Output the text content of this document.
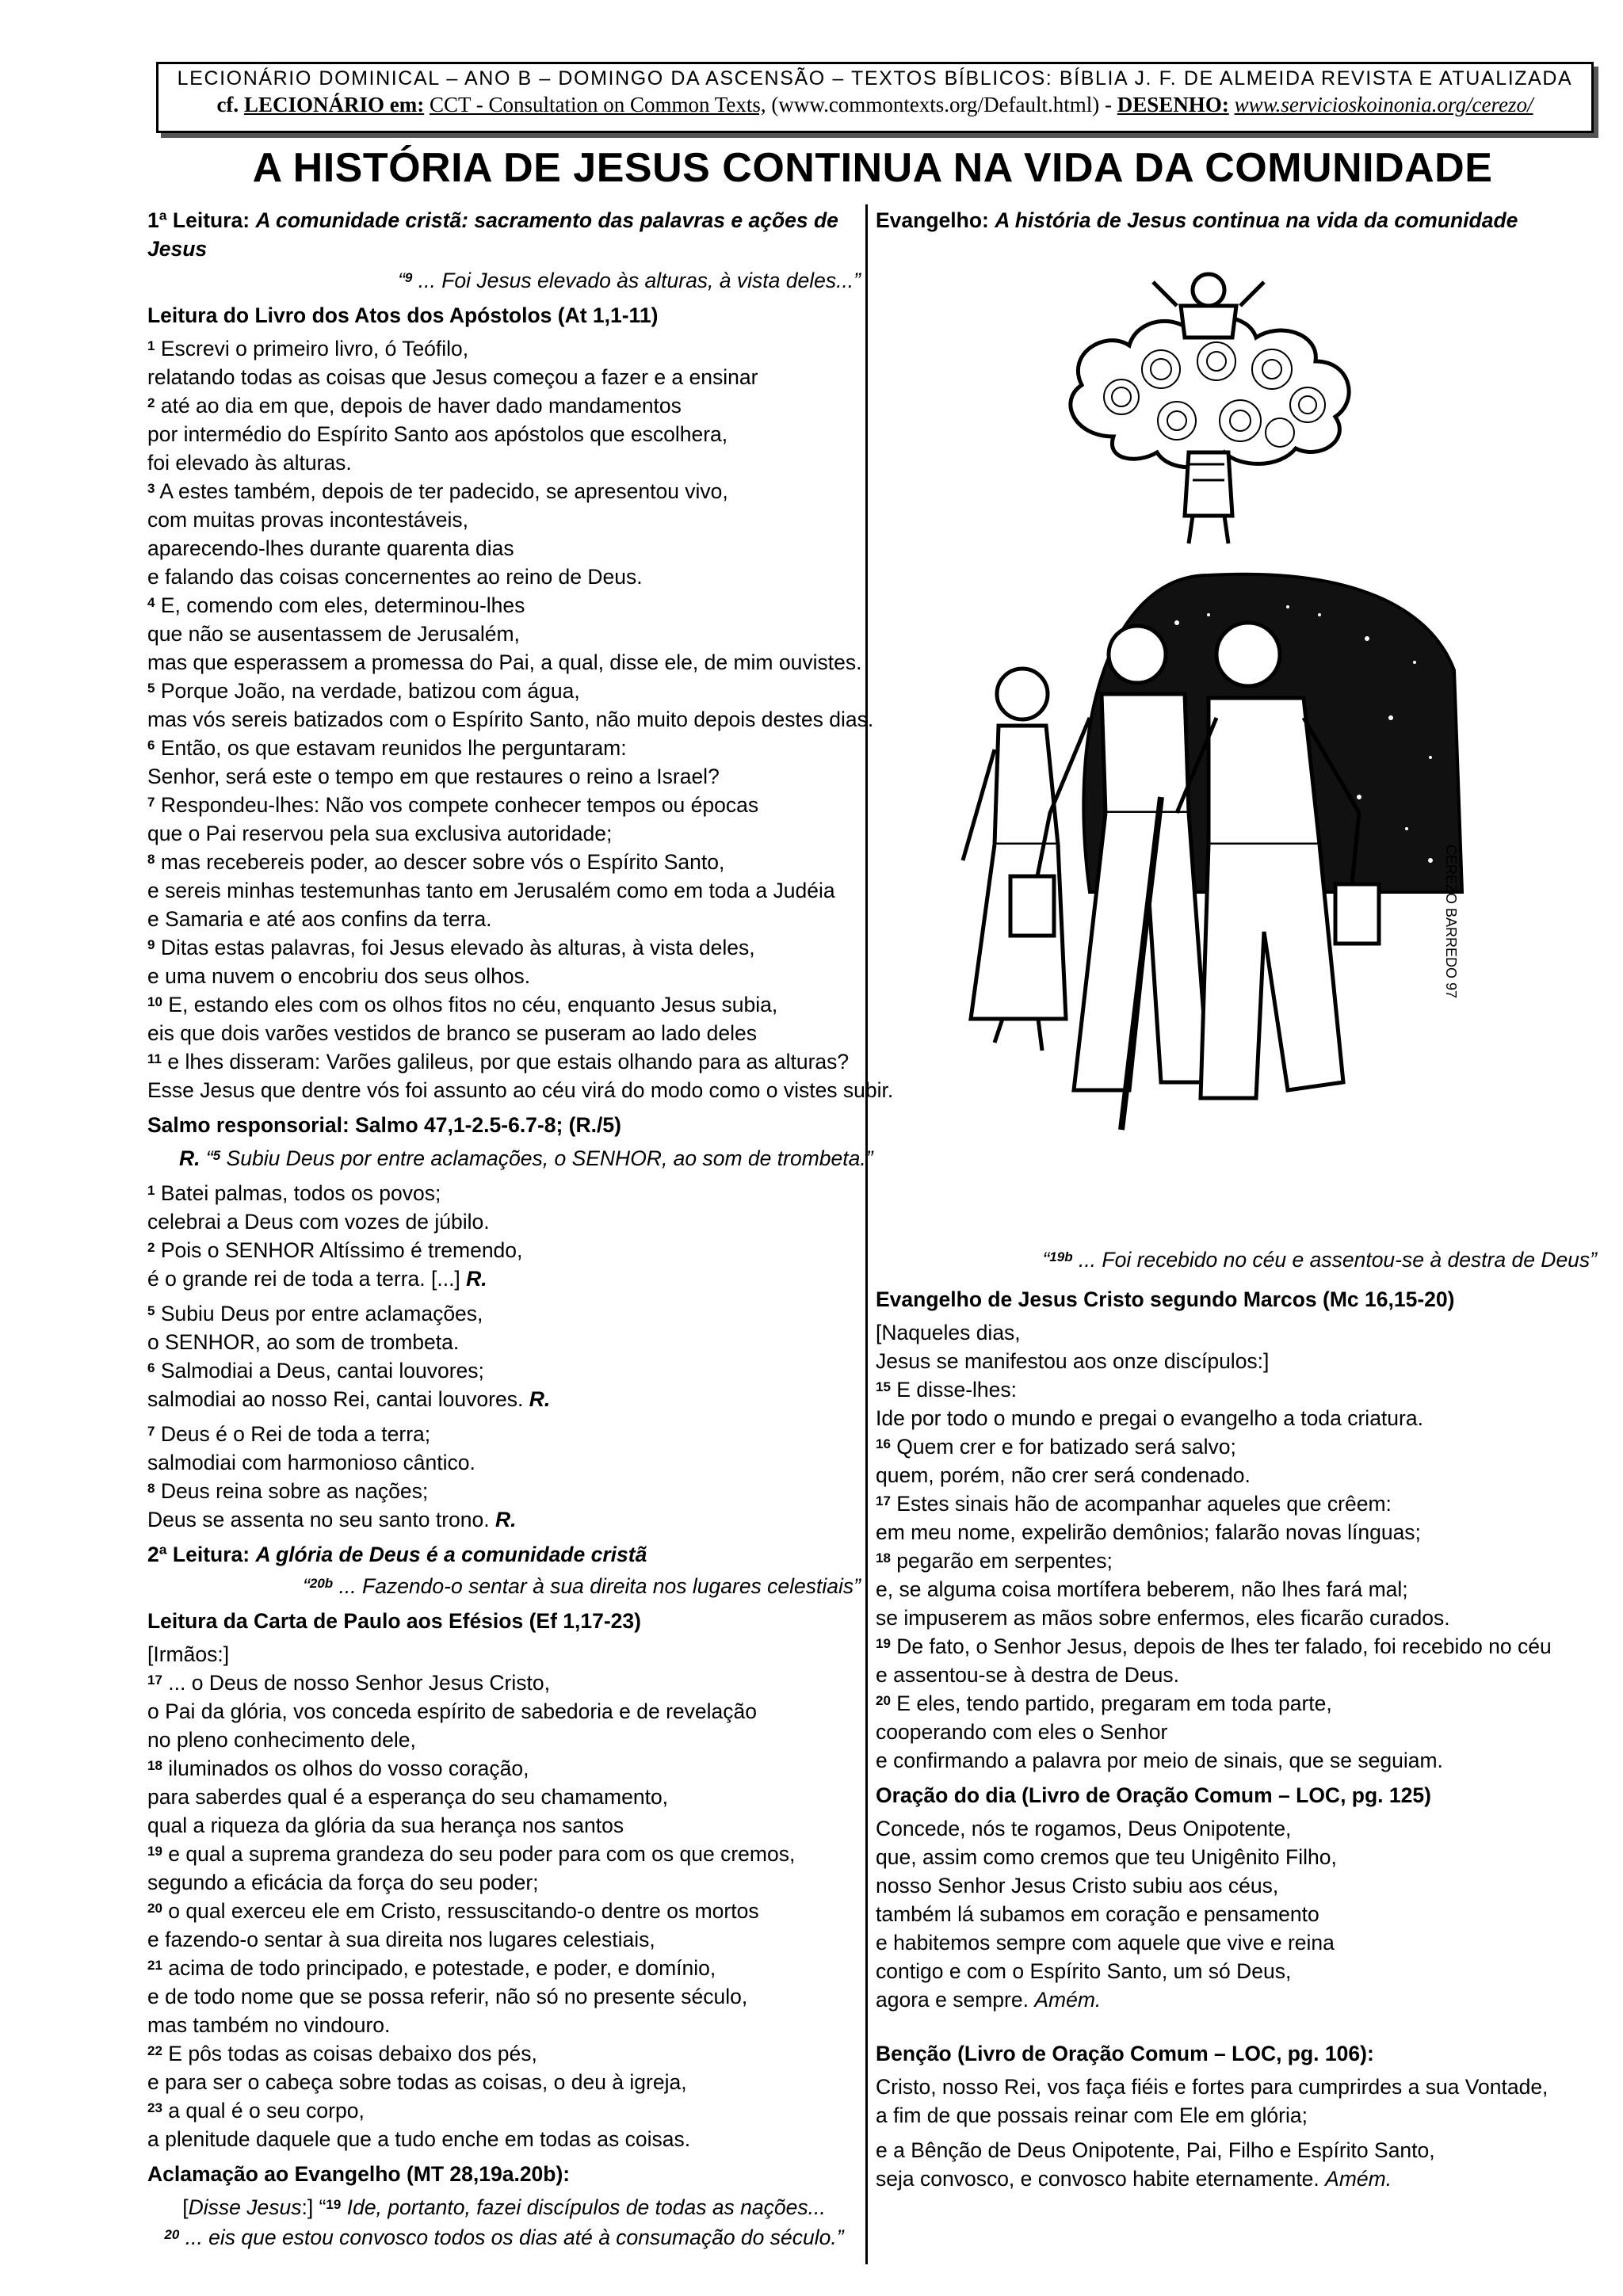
LECIONÁRIO DOMINICAL – ANO B – DOMINGO DA ASCENSÃO – TEXTOS BÍBLICOS: BÍBLIA J. F. DE ALMEIDA REVISTA E ATUALIZADA
cf. LECIONÁRIO em: CCT - Consultation on Common Texts, (www.commontexts.org/Default.html) - DESENHO: www.servicioskoinonia.org/cerezo/
A HISTÓRIA DE JESUS CONTINUA NA VIDA DA COMUNIDADE
1ª Leitura: A comunidade cristã: sacramento das palavras e ações de Jesus
“$^9$ ... Foi Jesus elevado às alturas, à vista deles...”
Leitura do Livro dos Atos dos Apóstolos (At 1,1-11)

$^1$ Escrevi o primeiro livro, ó Teófilo,

relatando todas as coisas que Jesus começou a fazer e a ensinar

$^2$ até ao dia em que, depois de haver dado mandamentos

por intermédio do Espírito Santo aos apóstolos que escolhera,

foi elevado às alturas.

$^3$ A estes também, depois de ter padecido, se apresentou vivo,

com muitas provas incontestáveis,

aparecendo-lhes durante quarenta dias

e falando das coisas concernentes ao reino de Deus.

$^4$ E, comendo com eles, determinou-lhes

que não se ausentassem de Jerusalém,

mas que esperassem a promessa do Pai, a qual, disse ele, de mim ouvistes.

$^5$ Porque João, na verdade, batizou com água,

mas vós sereis batizados com o Espírito Santo, não muito depois destes dias.

$^6$ Então, os que estavam reunidos lhe perguntaram:

Senhor, será este o tempo em que restaures o reino a Israel?

$^7$ Respondeu-lhes: Não vos compete conhecer tempos ou épocas

que o Pai reservou pela sua exclusiva autoridade;

$^8$ mas recebereis poder, ao descer sobre vós o Espírito Santo,

e sereis minhas testemunhas tanto em Jerusalém como em toda a Judéia

e Samaria e até aos confins da terra.

$^9$ Ditas estas palavras, foi Jesus elevado às alturas, à vista deles,

e uma nuvem o encobriu dos seus olhos.

$^{10}$ E, estando eles com os olhos fitos no céu, enquanto Jesus subia,

eis que dois varões vestidos de branco se puseram ao lado deles

$^{11}$ e lhes disseram: Varões galileus, por que estais olhando para as alturas?

Esse Jesus que dentre vós foi assunto ao céu virá do modo como o vistes subir.

Salmo responsorial: Salmo 47,1-2.5-6.7-8; (R./5)
R. “$^5$ Subiu Deus por entre aclamações, o SENHOR, ao som de trombeta.”

$^1$ Batei palmas, todos os povos;

celebrai a Deus com vozes de júbilo.

$^2$ Pois o SENHOR Altíssimo é tremendo,

é o grande rei de toda a terra. [...] R.

$^5$ Subiu Deus por entre aclamações,

o SENHOR, ao som de trombeta.

$^6$ Salmodiai a Deus, cantai louvores;

salmodiai ao nosso Rei, cantai louvores. R.

$^7$ Deus é o Rei de toda a terra;

salmodiai com harmonioso cântico.

$^8$ Deus reina sobre as nações;

Deus se assenta no seu santo trono. R.

2ª Leitura: A glória de Deus é a comunidade cristã
“$^{20b}$ ... Fazendo-o sentar à sua direita nos lugares celestiais”
Leitura da Carta de Paulo aos Efésios (Ef 1,17-23)

[Irmãos:]

$^{17}$ ... o Deus de nosso Senhor Jesus Cristo,

o Pai da glória, vos conceda espírito de sabedoria e de revelação

no pleno conhecimento dele,

$^{18}$ iluminados os olhos do vosso coração,

para saberdes qual é a esperança do seu chamamento,

qual a riqueza da glória da sua herança nos santos

$^{19}$ e qual a suprema grandeza do seu poder para com os que cremos,

segundo a eficácia da força do seu poder;

$^{20}$ o qual exerceu ele em Cristo, ressuscitando-o dentre os mortos

e fazendo-o sentar à sua direita nos lugares celestiais,

$^{21}$ acima de todo principado, e potestade, e poder, e domínio,

e de todo nome que se possa referir, não só no presente século,

mas também no vindouro.

$^{22}$ E pôs todas as coisas debaixo dos pés,

e para ser o cabeça sobre todas as coisas, o deu à igreja,

$^{23}$ a qual é o seu corpo,

a plenitude daquele que a tudo enche em todas as coisas.

Aclamação ao Evangelho (MT 28,19a.20b):
[Disse Jesus:] “$^{19}$ Ide, portanto, fazei discípulos de todas as nações...
$^{20}$ ... eis que estou convosco todos os dias até à consumação do século.”
Evangelho: A história de Jesus continua na vida da comunidade
CEREZO BARREDO 97
“$^{19b}$ ... Foi recebido no céu e assentou-se à destra de Deus”
Evangelho de Jesus Cristo segundo Marcos (Mc 16,15-20)

[Naqueles dias,

Jesus se manifestou aos onze discípulos:]

$^{15}$ E disse-lhes:

Ide por todo o mundo e pregai o evangelho a toda criatura.

$^{16}$ Quem crer e for batizado será salvo;

quem, porém, não crer será condenado.

$^{17}$ Estes sinais hão de acompanhar aqueles que crêem:

em meu nome, expelirão demônios; falarão novas línguas;

$^{18}$ pegarão em serpentes;

e, se alguma coisa mortífera beberem, não lhes fará mal;

se impuserem as mãos sobre enfermos, eles ficarão curados.

$^{19}$ De fato, o Senhor Jesus, depois de lhes ter falado, foi recebido no céu

e assentou-se à destra de Deus.

$^{20}$ E eles, tendo partido, pregaram em toda parte,

cooperando com eles o Senhor

e confirmando a palavra por meio de sinais, que se seguiam.

Oração do dia (Livro de Oração Comum – LOC, pg. 125)

Concede, nós te rogamos, Deus Onipotente,

que, assim como cremos que teu Unigênito Filho,

nosso Senhor Jesus Cristo subiu aos céus,

também lá subamos em coração e pensamento

e habitemos sempre com aquele que vive e reina

contigo e com o Espírito Santo, um só Deus,

agora e sempre. Amém.

Benção (Livro de Oração Comum – LOC, pg. 106):

Cristo, nosso Rei, vos faça fiéis e fortes para cumprirdes a sua Vontade,

a fim de que possais reinar com Ele em glória;

e a Bênção de Deus Onipotente, Pai, Filho e Espírito Santo,

seja convosco, e convosco habite eternamente. Amém.
